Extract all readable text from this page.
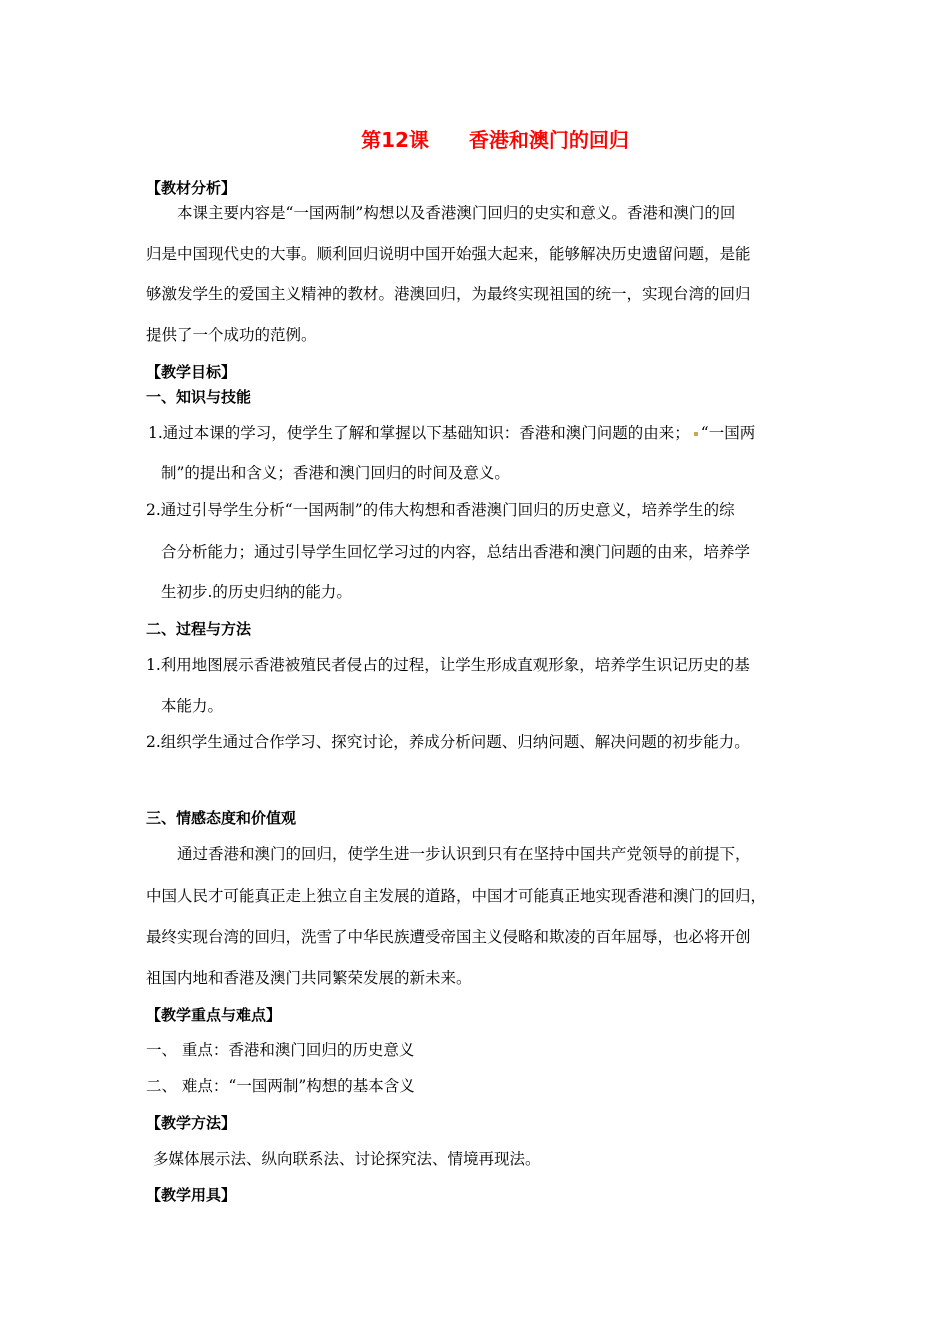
第12课 香港和澳门的回归
【教材分析】
本课主要内容是“一国两制”构想以及香港澳门回归的史实和意义。香港和澳门的回
归是中国现代史的大事。顺利回归说明中国开始强大起来，能够解决历史遗留问题，是能
够激发学生的爱国主义精神的教材。港澳回归，为最终实现祖国的统一，实现台湾的回归
提供了一个成功的范例。
【教学目标】
一、知识与技能
1.通过本课的学习，使学生了解和掌握以下基础知识：香港和澳门问题的由来； “一国两
制”的提出和含义；香港和澳门回归的时间及意义。
2.通过引导学生分析“一国两制”的伟大构想和香港澳门回归的历史意义，培养学生的综
合分析能力；通过引导学生回忆学习过的内容，总结出香港和澳门问题的由来，培养学
生初步.的历史归纳的能力。
二、过程与方法
1.利用地图展示香港被殖民者侵占的过程，让学生形成直观形象，培养学生识记历史的基
本能力。
2.组织学生通过合作学习、探究讨论，养成分析问题、归纳问题、解决问题的初步能力。
三、情感态度和价值观
通过香港和澳门的回归，使学生进一步认识到只有在坚持中国共产党领导的前提下，
中国人民才可能真正走上独立自主发展的道路，中国才可能真正地实现香港和澳门的回归，
最终实现台湾的回归，洗雪了中华民族遭受帝国主义侵略和欺凌的百年屈辱，也必将开创
祖国内地和香港及澳门共同繁荣发展的新未来。
【教学重点与难点】
一、 重点：香港和澳门回归的历史意义
二、 难点：“一国两制”构想的基本含义
【教学方法】
多媒体展示法、纵向联系法、讨论探究法、情境再现法。
【教学用具】
